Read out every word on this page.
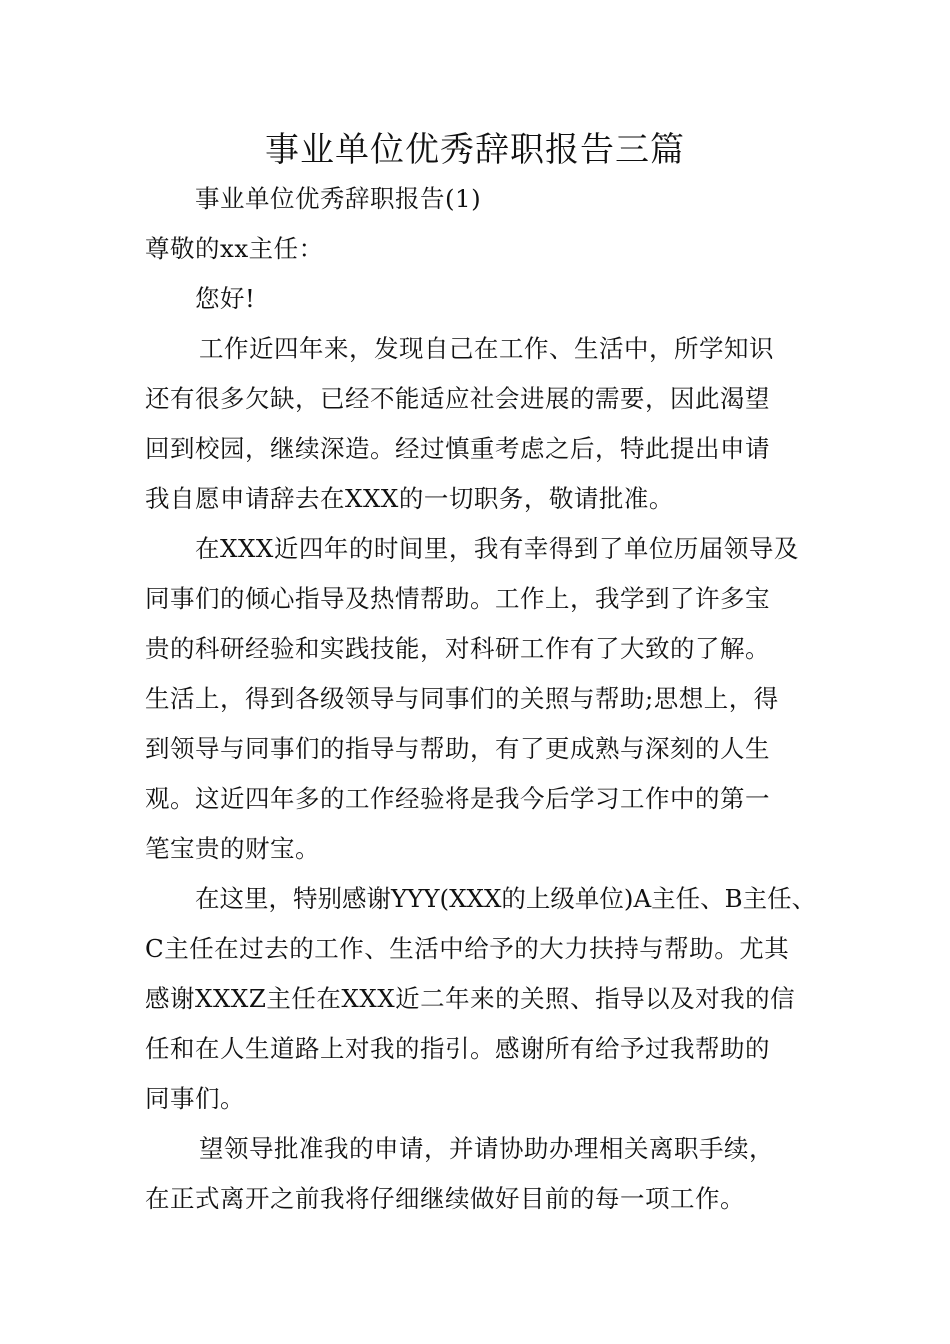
事业单位优秀辞职报告三篇
事业单位优秀辞职报告(1)
尊敬的xx主任：
您好!
工作近四年来，发现自己在工作、生活中，所学知识
还有很多欠缺，已经不能适应社会进展的需要，因此渴望
回到校园，继续深造。经过慎重考虑之后，特此提出申请
我自愿申请辞去在XXX的一切职务，敬请批准。
在XXX近四年的时间里，我有幸得到了单位历届领导及
同事们的倾心指导及热情帮助。工作上，我学到了许多宝
贵的科研经验和实践技能，对科研工作有了大致的了解。
生活上，得到各级领导与同事们的关照与帮助;思想上，得
到领导与同事们的指导与帮助，有了更成熟与深刻的人生
观。这近四年多的工作经验将是我今后学习工作中的第一
笔宝贵的财宝。
在这里，特别感谢YYY(XXX的上级单位)A主任、B主任、
C主任在过去的工作、生活中给予的大力扶持与帮助。尤其
感谢XXXZ主任在XXX近二年来的关照、指导以及对我的信
任和在人生道路上对我的指引。感谢所有给予过我帮助的
同事们。
望领导批准我的申请，并请协助办理相关离职手续，
在正式离开之前我将仔细继续做好目前的每一项工作。
